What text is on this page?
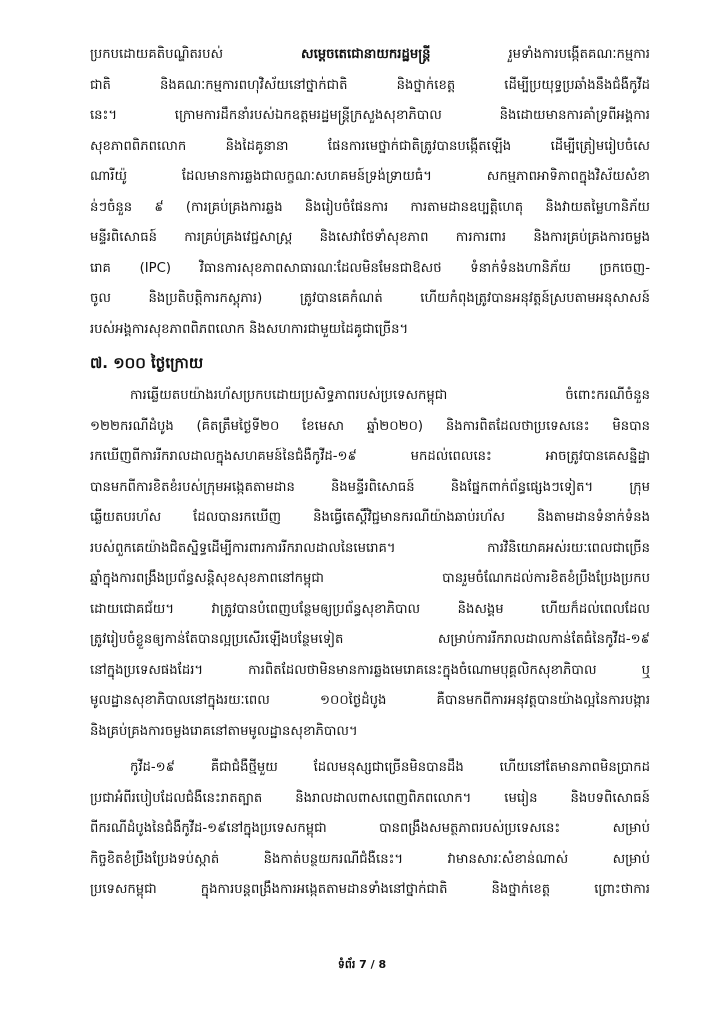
ប្រកបដោយគតិបណ្ឌិតរបស់ សម្តេចតេជោនាយករដ្ឋមន្ត្រី រួមទាំងការបង្កើតគណៈកម្មការ
ជាតិ និងគណៈកម្មការពហុវិស័យនៅថ្នាក់ជាតិ និងថ្នាក់ខេត្ត ដើម្បីប្រយុទ្ធប្រឆាំងនឹងជំងឺកូវីដ
នេះ។ ក្រោមការដឹកនាំរបស់ឯកឧត្តមរដ្ឋមន្ត្រីក្រសួងសុខាភិបាល និងដោយមានការគាំទ្រពីអង្គការ
សុខភាពពិភពលោក និងដៃគូនានា ផែនការមេថ្នាក់ជាតិត្រូវបានបង្កើតឡើង ដើម្បីត្រៀមរៀបចំសេ
ណារីយ៉ូ ដែលមានការឆ្លងជាលក្ខណៈសហគមន៍ទ្រង់ទ្រាយធំ។ សកម្មភាពអាទិភាពក្នុងវិស័យសំខា
ន់ៗចំនួន ៩ (ការគ្រប់គ្រងការឆ្លង និងរៀបចំផែនការ ការតាមដានឧប្បត្តិហេតុ និងវាយតម្លៃហានិភ័យ
មន្ទីរពិសោធន៍ ការគ្រប់គ្រងវេជ្ជសាស្ត្រ និងសេវាថែទាំសុខភាព ការការពារ និងការគ្រប់គ្រងការចម្លង
រោគ (IPC) វិធានការសុខភាពសាធារណៈដែលមិនមែនជាឱសថ ទំនាក់ទំនងហានិភ័យ ច្រកចេញ-
ចូល និងប្រតិបត្តិការកស្តុភារ) ត្រូវបានគេកំណត់ ហើយកំពុងត្រូវបានអនុវត្តន៍ស្របតាមអនុសាសន៍
របស់អង្គការសុខភាពពិភពលោក និងសហការជាមួយដៃគូជាច្រើន។
៧. ១០០ ថ្ងៃក្រោយ
ការឆ្លើយតបយ៉ាងរហ័សប្រកបដោយប្រសិទ្ធភាពរបស់ប្រទេសកម្ពុជា ចំពោះករណីចំនួន
១២២ករណីដំបូង (គិតត្រឹមថ្ងៃទី២០ ខែមេសា ឆ្នាំ២០២០) និងការពិតដែលថាប្រទេសនេះ មិនបាន
រកឃើញពីការរីករាលដាលក្នុងសហគមន៍នៃជំងឺកូវីដ-១៩ មកដល់ពេលនេះ អាចត្រូវបានគេសន្និដ្ឋា
បានមកពីការខិតខំរបស់ក្រុមអង្កេតតាមដាន និងមន្ទីរពិសោធន៍ និងផ្នែកពាក់ព័ន្ធផ្សេងៗទៀត។ ក្រុម
ឆ្លើយតបរហ័ស ដែលបានរកឃើញ និងធ្វើតេស្តិ៍វិជ្ជមានករណីយ៉ាងឆាប់រហ័ស និងតាមដានទំនាក់ទំនង
របស់ពួកគេយ៉ាងជិតស្និទ្ធដើម្បីការពារការរីករាលដាលនៃមេរោគ។ ការវិនិយោគអស់រយៈពេលជាច្រើន
ឆ្នាំក្នុងការពង្រឹងប្រព័ន្ធសន្តិសុខសុខភាពនៅកម្ពុជា បានរួមចំណែកដល់ការខិតខំប្រឹងប្រែងប្រកប
ដោយជោគជ័យ។ វាត្រូវបានបំពេញបន្ថែមឲ្យប្រព័ន្ធសុខាភិបាល និងសង្គម ហើយក៏ដល់ពេលដែល
ត្រូវរៀបចំខ្លួនឲ្យកាន់តែបានល្អប្រសើរឡើងបន្ថែមទៀត សម្រាប់ការរីករាលដាលកាន់តែធំនៃកូវីដ-១៩
នៅក្នុងប្រទេសផងដែរ។ ការពិតដែលថាមិនមានការឆ្លងមេរោគនេះក្នុងចំណោមបុគ្គលិកសុខាភិបាល ឬ
មូលដ្ឋានសុខាភិបាលនៅក្នុងរយៈពេល ១០០ថ្ងៃដំបូង គឺបានមកពីការអនុវត្តបានយ៉ាងល្អនៃការបង្ការ
និងគ្រប់គ្រងការចម្លងរោគនៅតាមមូលដ្ឋានសុខាភិបាល។
កូវីដ-១៩ គឺជាជំងឺថ្មីមួយ ដែលមនុស្សជាច្រើនមិនបានដឹង ហើយនៅតែមានភាពមិនប្រាកដ
ប្រជាអំពីរបៀបដែលជំងឺនេះរាតត្បាត និងរាលដាលពាសពេញពិភពលោក។ មេរៀន និងបទពិសោធន៍
ពីករណីដំបូងនៃជំងឺកូវីដ-១៩នៅក្នុងប្រទេសកម្ពុជា បានពង្រឹងសមត្ថភាពរបស់ប្រទេសនេះ សម្រាប់
កិច្ចខិតខំប្រឹងប្រែងទប់ស្កាត់ និងកាត់បន្ថយករណីជំងឺនេះ។ វាមានសារៈសំខាន់ណាស់ សម្រាប់
ប្រទេសកម្ពុជា ក្នុងការបន្តពង្រឹងការអង្កេតតាមដានទាំងនៅថ្នាក់ជាតិ និងថ្នាក់ខេត្ត ព្រោះថាការ
ទំព័រ 7 / 8
